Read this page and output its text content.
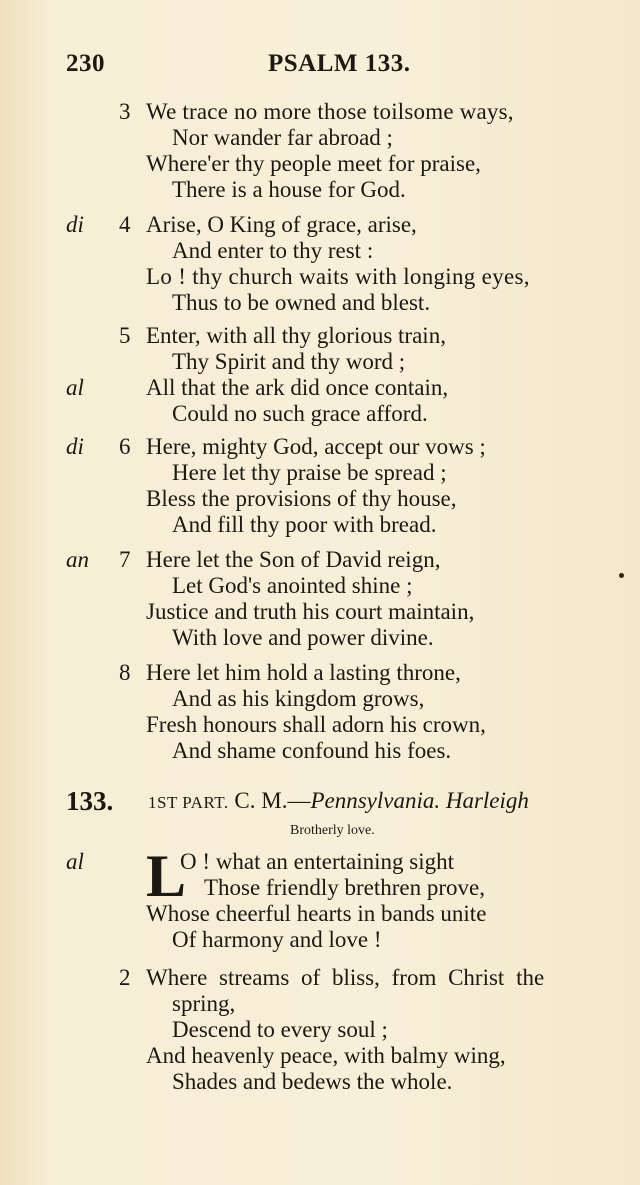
230	PSALM 133.
3 We trace no more those toilsome ways,
Nor wander far abroad ;
Where'er thy people meet for praise,
There is a house for God.
di 4 Arise, O King of grace, arise,
And enter to thy rest :
Lo ! thy church waits with longing eyes,
Thus to be owned and blest.
5 Enter, with all thy glorious train,
Thy Spirit and thy word ;
al	All that the ark did once contain,
Could no such grace afford.
di 6 Here, mighty God, accept our vows ;
Here let thy praise be spread ;
Bless the provisions of thy house,
And fill thy poor with bread.
an 7 Here let the Son of David reign,
Let God's anointed shine ;
Justice and truth his court maintain,
With love and power divine.
8 Here let him hold a lasting throne,
And as his kingdom grows,
Fresh honours shall adorn his crown,
And shame confound his foes.
133. 1ST PART. C. M.—Pennsylvania. Harleigh
Brotherly love.
al L
O ! what an entertaining sight
Those friendly brethren prove,
Whose cheerful hearts in bands unite
Of harmony and love !
2 Where streams of bliss, from Christ the
spring,
Descend to every soul ;
And heavenly peace, with balmy wing,
Shades and bedews the whole.
